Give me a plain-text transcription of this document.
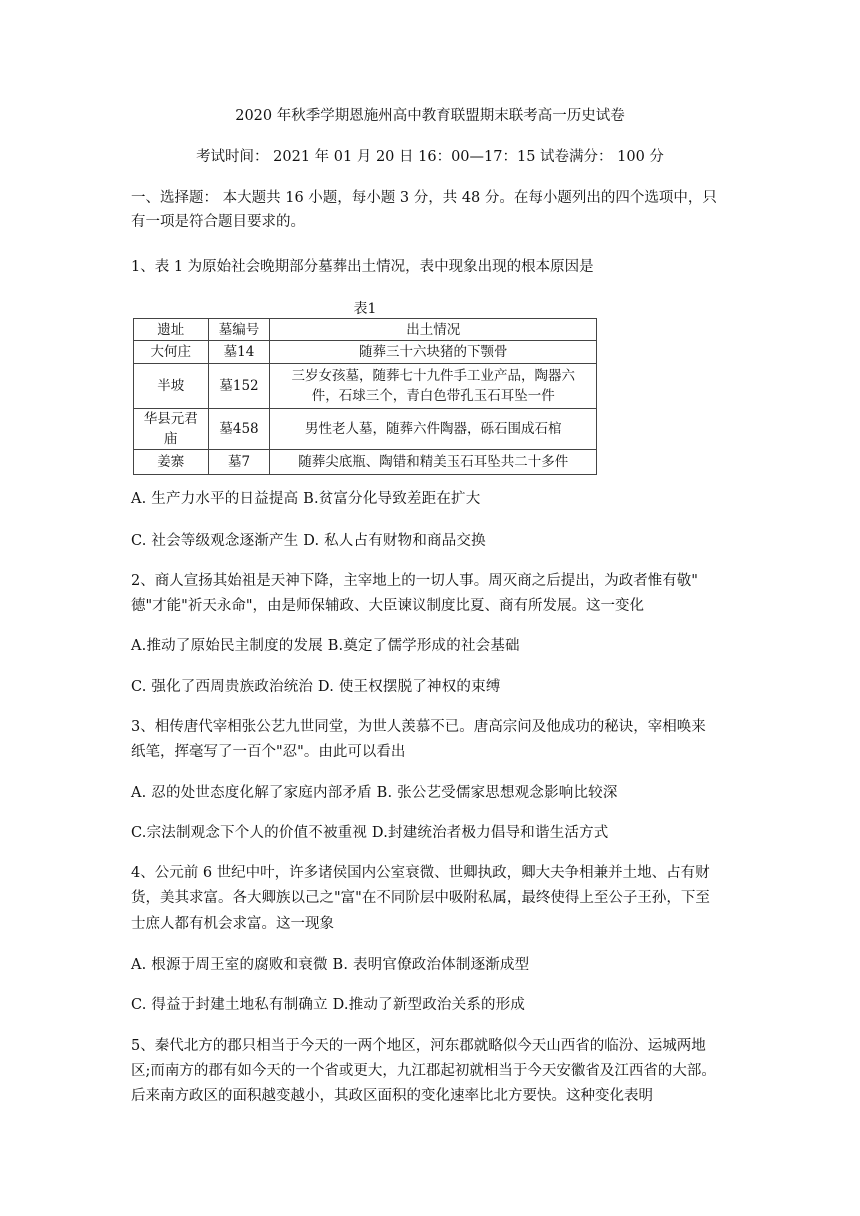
2020 年秋季学期恩施州高中教育联盟期末联考高一历史试卷
考试时间： 2021 年 01 月 20 日 16：00—17：15 试卷满分： 100 分
一、选择题： 本大题共 16 小题，每小题 3 分，共 48 分。在每小题列出的四个选项中，只
有一项是符合题目要求的。
1、表 1 为原始社会晚期部分墓葬出土情况，表中现象出现的根本原因是
表1
遗址	墓编号	出土情况
大何庄	墓14	随葬三十六块猪的下颚骨
半坡	墓152	三岁女孩墓，随葬七十九件手工业产品，陶器六件，石球三个，青白色带孔玉石耳坠一件
华县元君庙	墓458	男性老人墓，随葬六件陶器，砾石围成石棺
姜寨	墓7	随葬尖底瓶、陶错和精美玉石耳坠共二十多件
A. 生产力水平的日益提高 B.贫富分化导致差距在扩大
C. 社会等级观念逐渐产生 D. 私人占有财物和商品交换
2、商人宣扬其始祖是天神下降，主宰地上的一切人事。周灭商之后提出，为政者惟有敬"
德"才能"祈天永命"，由是师保辅政、大臣谏议制度比夏、商有所发展。这一变化
A.推动了原始民主制度的发展 B.奠定了儒学形成的社会基础
C. 强化了西周贵族政治统治 D. 使王权摆脱了神权的束缚
3、相传唐代宰相张公艺九世同堂，为世人羡慕不已。唐高宗问及他成功的秘诀，宰相唤来
纸笔，挥毫写了一百个"忍"。由此可以看出
A. 忍的处世态度化解了家庭内部矛盾 B. 张公艺受儒家思想观念影响比较深
C.宗法制观念下个人的价值不被重视 D.封建统治者极力倡导和谐生活方式
4、公元前 6 世纪中叶，许多诸侯国内公室衰微、世卿执政，卿大夫争相兼并土地、占有财
货，美其求富。各大卿族以己之"富"在不同阶层中吸附私属，最终使得上至公子王孙，下至
士庶人都有机会求富。这一现象
A. 根源于周王室的腐败和衰微 B. 表明官僚政治体制逐渐成型
C. 得益于封建土地私有制确立 D.推动了新型政治关系的形成
5、秦代北方的郡只相当于今天的一两个地区，河东郡就略似今天山西省的临汾、运城两地
区;而南方的郡有如今天的一个省或更大，九江郡起初就相当于今天安徽省及江西省的大部。
后来南方政区的面积越变越小，其政区面积的变化速率比北方要快。这种变化表明
